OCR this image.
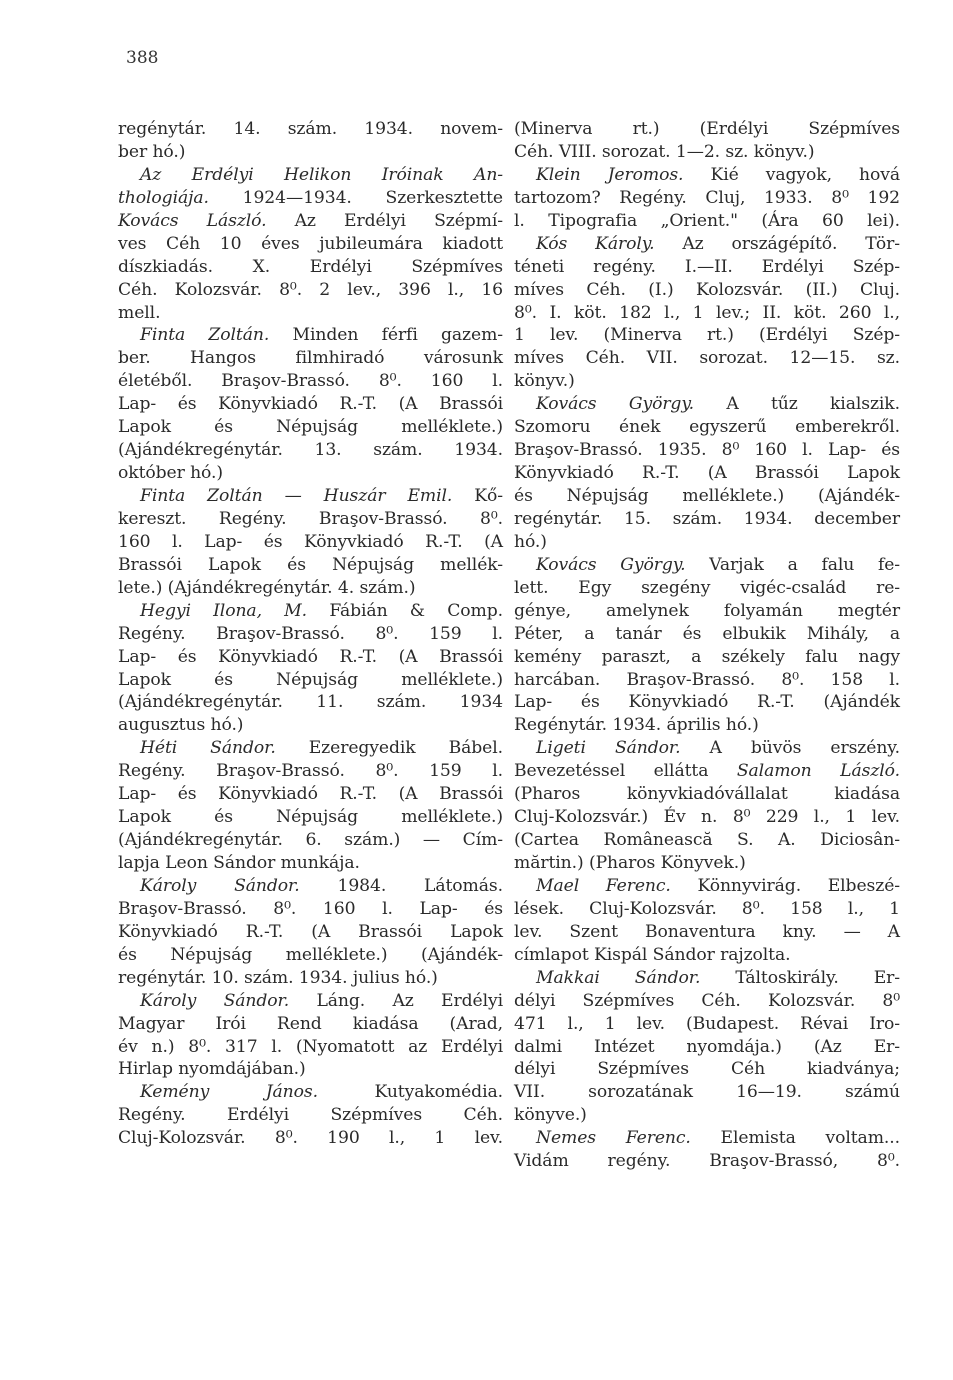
388
regénytár. 14. szám. 1934. novem-
ber hó.)
Az Erdélyi Helikon Iróinak An-
thologiája. 1924—1934. Szerkesztette
Kovács László. Az Erdélyi Szépmí-
ves Céh 10 éves jubileumára kiadott
díszkiadás. X. Erdélyi Szépmíves
Céh. Kolozsvár. 8⁰. 2 lev., 396 l., 16
mell.
Finta Zoltán. Minden férfi gazem-
ber. Hangos filmhiradó városunk
életéből. Braşov-Brassó. 8⁰. 160 l.
Lap- és Könyvkiadó R.-T. (A Brassói
Lapok és Népujság melléklete.)
(Ajándékregénytár. 13. szám. 1934.
október hó.)
Finta Zoltán — Huszár Emil. Kő-
kereszt. Regény. Braşov-Brassó. 8⁰.
160 l. Lap- és Könyvkiadó R.-T. (A
Brassói Lapok és Népujság mellék-
lete.) (Ajándékregénytár. 4. szám.)
Hegyi Ilona, M. Fábián & Comp.
Regény. Braşov-Brassó. 8⁰. 159 l.
Lap- és Könyvkiadó R.-T. (A Brassói
Lapok és Népujság melléklete.)
(Ajándékregénytár. 11. szám. 1934
augusztus hó.)
Héti Sándor. Ezeregyedik Bábel.
Regény. Braşov-Brassó. 8⁰. 159 l.
Lap- és Könyvkiadó R.-T. (A Brassói
Lapok és Népujság melléklete.)
(Ajándékregénytár. 6. szám.) — Cím-
lapja Leon Sándor munkája.
Károly Sándor. 1984. Látomás.
Braşov-Brassó. 8⁰. 160 l. Lap- és
Könyvkiadó R.-T. (A Brassói Lapok
és Népujság melléklete.) (Ajándék-
regénytár. 10. szám. 1934. julius hó.)
Károly Sándor. Láng. Az Erdélyi
Magyar Irói Rend kiadása (Arad,
év n.) 8⁰. 317 l. (Nyomatott az Erdélyi
Hirlap nyomdájában.)
Kemény János. Kutyakomédia.
Regény. Erdélyi Szépmíves Céh.
Cluj-Kolozsvár. 8⁰. 190 l., 1 lev.
(Minerva rt.) (Erdélyi Szépmíves
Céh. VIII. sorozat. 1—2. sz. könyv.)
Klein Jeromos. Kié vagyok, hová
tartozom? Regény. Cluj, 1933. 8⁰ 192
l. Tipografia „Orient." (Ára 60 lei).
Kós Károly. Az országépítő. Tör-
téneti regény. I.—II. Erdélyi Szép-
míves Céh. (I.) Kolozsvár. (II.) Cluj.
8⁰. I. köt. 182 l., 1 lev.; II. köt. 260 l.,
1 lev. (Minerva rt.) (Erdélyi Szép-
míves Céh. VII. sorozat. 12—15. sz.
könyv.)
Kovács György. A tűz kialszik.
Szomoru ének egyszerű emberekről.
Braşov-Brassó. 1935. 8⁰ 160 l. Lap- és
Könyvkiadó R.-T. (A Brassói Lapok
és Népujság melléklete.) (Ajándék-
regénytár. 15. szám. 1934. december
hó.)
Kovács György. Varjak a falu fe-
lett. Egy szegény vigéc-család re-
génye, amelynek folyamán megtér
Péter, a tanár és elbukik Mihály, a
kemény paraszt, a székely falu nagy
harcában. Braşov-Brassó. 8⁰. 158 l.
Lap- és Könyvkiadó R.-T. (Ajándék
Regénytár. 1934. április hó.)
Ligeti Sándor. A büvös erszény.
Bevezetéssel ellátta Salamon László.
(Pharos könyvkiadóvállalat kiadása
Cluj-Kolozsvár.) Év n. 8⁰ 229 l., 1 lev.
(Cartea Românească S. A. Diciosân-
mărtin.) (Pharos Könyvek.)
Mael Ferenc. Könnyvirág. Elbeszé-
lések. Cluj-Kolozsvár. 8⁰. 158 l., 1
lev. Szent Bonaventura kny. — A
címlapot Kispál Sándor rajzolta.
Makkai Sándor. Táltoskirály. Er-
délyi Szépmíves Céh. Kolozsvár. 8⁰
471 l., 1 lev. (Budapest. Révai Iro-
dalmi Intézet nyomdája.) (Az Er-
délyi Szépmíves Céh kiadványa;
VII. sorozatának 16—19. számú
könyve.)
Nemes Ferenc. Elemista voltam...
Vidám regény. Braşov-Brassó, 8⁰.
